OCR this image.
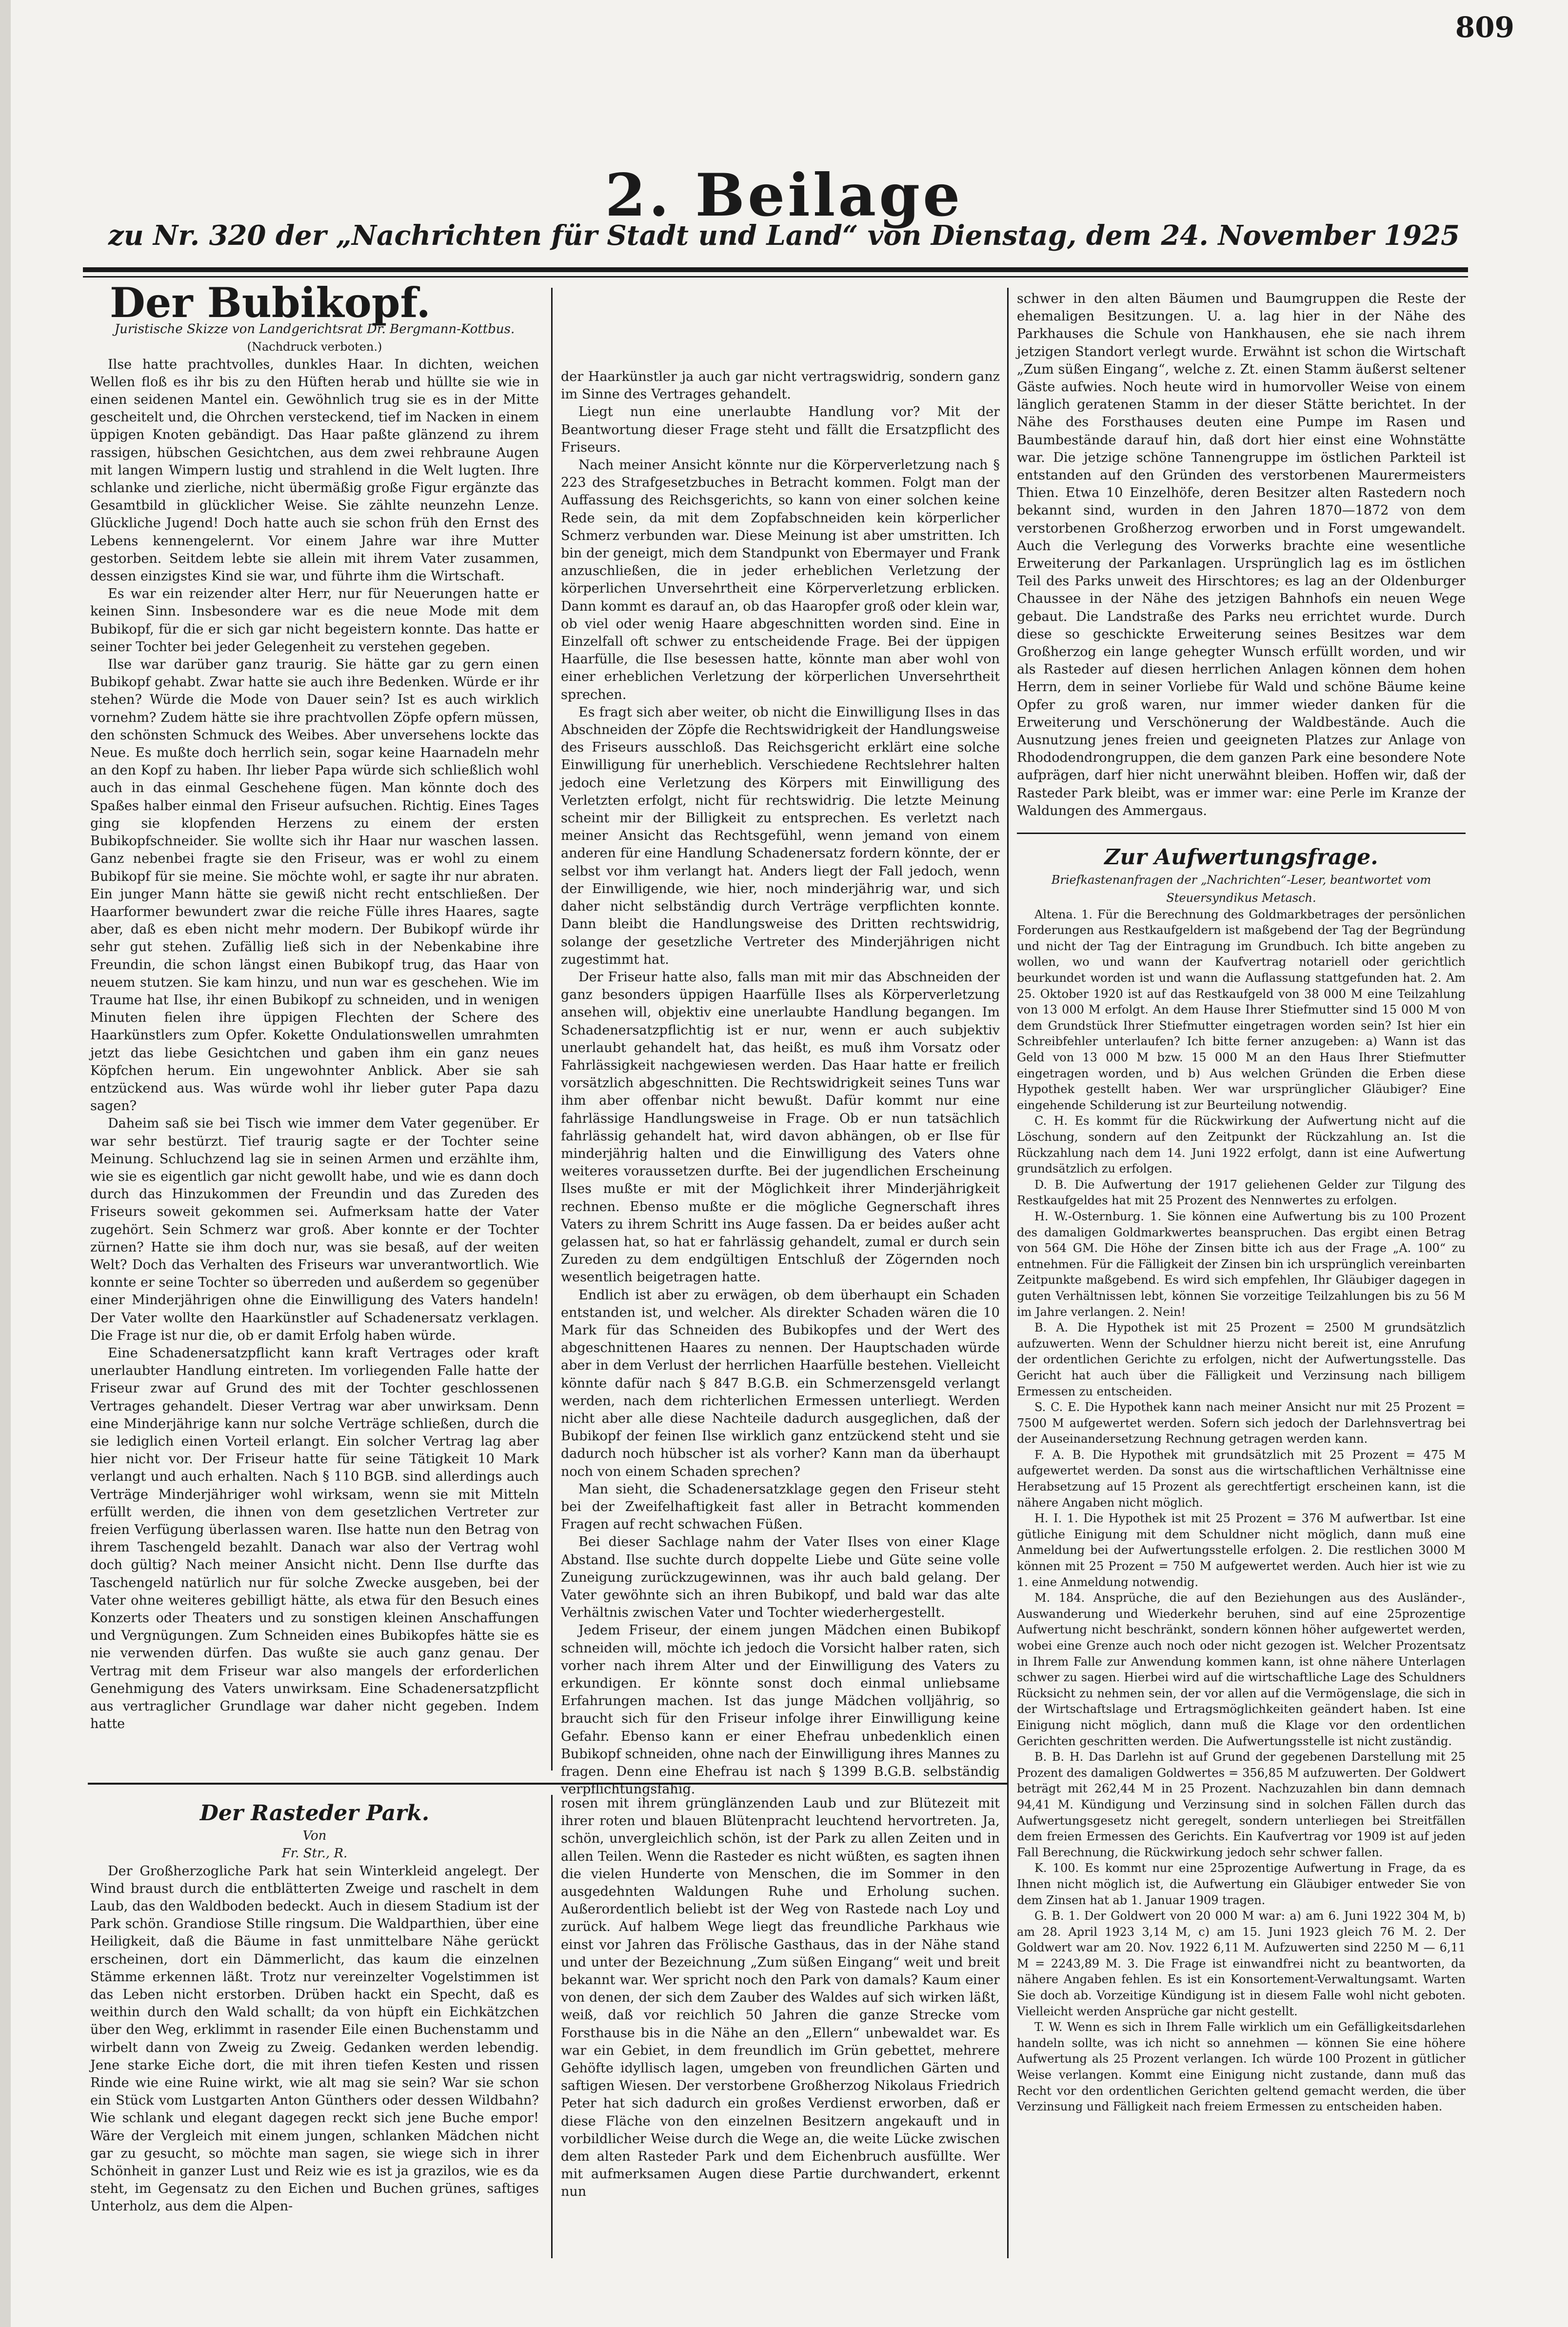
809
2. Beilage
zu Nr. 320 der „Nachrichten für Stadt und Land“ von Dienstag, dem 24. November 1925
Der Bubikopf.

Juristische Skizze von Landgerichtsrat Dr. Bergmann-Kottbus.

(Nachdruck verboten.)

Ilse hatte prachtvolles, dunkles Haar. In dichten, weichen Wellen floß es ihr bis zu den Hüften herab und hüllte sie wie in einen seidenen Mantel ein. Gewöhnlich trug sie es in der Mitte gescheitelt und, die Ohrchen versteckend, tief im Nacken in einem üppigen Knoten gebändigt. Das Haar paßte glänzend zu ihrem rassigen, hübschen Gesichtchen, aus dem zwei rehbraune Augen mit langen Wimpern lustig und strahlend in die Welt lugten. Ihre schlanke und zierliche, nicht übermäßig große Figur ergänzte das Gesamtbild in glücklicher Weise. Sie zählte neunzehn Lenze. Glückliche Jugend! Doch hatte auch sie schon früh den Ernst des Lebens kennengelernt. Vor einem Jahre war ihre Mutter gestorben. Seitdem lebte sie allein mit ihrem Vater zusammen, dessen einzigstes Kind sie war, und führte ihm die Wirtschaft.

Es war ein reizender alter Herr, nur für Neuerungen hatte er keinen Sinn. Insbesondere war es die neue Mode mit dem Bubikopf, für die er sich gar nicht begeistern konnte. Das hatte er seiner Tochter bei jeder Gelegenheit zu verstehen gegeben.

Ilse war darüber ganz traurig. Sie hätte gar zu gern einen Bubikopf gehabt. Zwar hatte sie auch ihre Bedenken. Würde er ihr stehen? Würde die Mode von Dauer sein? Ist es auch wirklich vornehm? Zudem hätte sie ihre prachtvollen Zöpfe opfern müssen, den schönsten Schmuck des Weibes. Aber unversehens lockte das Neue. Es mußte doch herrlich sein, sogar keine Haarnadeln mehr an den Kopf zu haben. Ihr lieber Papa würde sich schließlich wohl auch in das einmal Geschehene fügen. Man könnte doch des Spaßes halber einmal den Friseur aufsuchen. Richtig. Eines Tages ging sie klopfenden Herzens zu einem der ersten Bubikopfschneider. Sie wollte sich ihr Haar nur waschen lassen. Ganz nebenbei fragte sie den Friseur, was er wohl zu einem Bubikopf für sie meine. Sie möchte wohl, er sagte ihr nur abraten. Ein junger Mann hätte sie gewiß nicht recht entschließen. Der Haarformer bewundert zwar die reiche Fülle ihres Haares, sagte aber, daß es eben nicht mehr modern. Der Bubikopf würde ihr sehr gut stehen. Zufällig ließ sich in der Nebenkabine ihre Freundin, die schon längst einen Bubikopf trug, das Haar von neuem stutzen. Sie kam hinzu, und nun war es geschehen. Wie im Traume hat Ilse, ihr einen Bubikopf zu schneiden, und in wenigen Minuten fielen ihre üppigen Flechten der Schere des Haarkünstlers zum Opfer. Kokette Ondulationswellen umrahmten jetzt das liebe Gesichtchen und gaben ihm ein ganz neues Köpfchen herum. Ein ungewohnter Anblick. Aber sie sah entzückend aus. Was würde wohl ihr lieber guter Papa dazu sagen?

Daheim saß sie bei Tisch wie immer dem Vater gegenüber. Er war sehr bestürzt. Tief traurig sagte er der Tochter seine Meinung. Schluchzend lag sie in seinen Armen und erzählte ihm, wie sie es eigentlich gar nicht gewollt habe, und wie es dann doch durch das Hinzukommen der Freundin und das Zureden des Friseurs soweit gekommen sei. Aufmerksam hatte der Vater zugehört. Sein Schmerz war groß. Aber konnte er der Tochter zürnen? Hatte sie ihm doch nur, was sie besaß, auf der weiten Welt? Doch das Verhalten des Friseurs war unverantwortlich. Wie konnte er seine Tochter so überreden und außerdem so gegenüber einer Minderjährigen ohne die Einwilligung des Vaters handeln! Der Vater wollte den Haarkünstler auf Schadenersatz verklagen. Die Frage ist nur die, ob er damit Erfolg haben würde.

Eine Schadenersatzpflicht kann kraft Vertrages oder kraft unerlaubter Handlung eintreten. Im vorliegenden Falle hatte der Friseur zwar auf Grund des mit der Tochter geschlossenen Vertrages gehandelt. Dieser Vertrag war aber unwirksam. Denn eine Minderjährige kann nur solche Verträge schließen, durch die sie lediglich einen Vorteil erlangt. Ein solcher Vertrag lag aber hier nicht vor. Der Friseur hatte für seine Tätigkeit 10 Mark verlangt und auch erhalten. Nach § 110 BGB. sind allerdings auch Verträge Minderjähriger wohl wirksam, wenn sie mit Mitteln erfüllt werden, die ihnen von dem gesetzlichen Vertreter zur freien Verfügung überlassen waren. Ilse hatte nun den Betrag von ihrem Taschengeld bezahlt. Danach war also der Vertrag wohl doch gültig? Nach meiner Ansicht nicht. Denn Ilse durfte das Taschengeld natürlich nur für solche Zwecke ausgeben, bei der Vater ohne weiteres gebilligt hätte, als etwa für den Besuch eines Konzerts oder Theaters und zu sonstigen kleinen Anschaffungen und Vergnügungen. Zum Schneiden eines Bubikopfes hätte sie es nie verwenden dürfen. Das wußte sie auch ganz genau. Der Vertrag mit dem Friseur war also mangels der erforderlichen Genehmigung des Vaters unwirksam. Eine Schadenersatzpflicht aus vertraglicher Grundlage war daher nicht gegeben. Indem hatte

der Haarkünstler ja auch gar nicht vertragswidrig, sondern ganz im Sinne des Vertrages gehandelt.

Liegt nun eine unerlaubte Handlung vor? Mit der Beantwortung dieser Frage steht und fällt die Ersatzpflicht des Friseurs.

Nach meiner Ansicht könnte nur die Körperverletzung nach § 223 des Strafgesetzbuches in Betracht kommen. Folgt man der Auffassung des Reichsgerichts, so kann von einer solchen keine Rede sein, da mit dem Zopfabschneiden kein körperlicher Schmerz verbunden war. Diese Meinung ist aber umstritten. Ich bin der geneigt, mich dem Standpunkt von Ebermayer und Frank anzuschließen, die in jeder erheblichen Verletzung der körperlichen Unversehrtheit eine Körperverletzung erblicken. Dann kommt es darauf an, ob das Haaropfer groß oder klein war, ob viel oder wenig Haare abgeschnitten worden sind. Eine in Einzelfall oft schwer zu entscheidende Frage. Bei der üppigen Haarfülle, die Ilse besessen hatte, könnte man aber wohl von einer erheblichen Verletzung der körperlichen Unversehrtheit sprechen.

Es fragt sich aber weiter, ob nicht die Einwilligung Ilses in das Abschneiden der Zöpfe die Rechtswidrigkeit der Handlungsweise des Friseurs ausschloß. Das Reichsgericht erklärt eine solche Einwilligung für unerheblich. Verschiedene Rechtslehrer halten jedoch eine Verletzung des Körpers mit Einwilligung des Verletzten erfolgt, nicht für rechtswidrig. Die letzte Meinung scheint mir der Billigkeit zu entsprechen. Es verletzt nach meiner Ansicht das Rechtsgefühl, wenn jemand von einem anderen für eine Handlung Schadenersatz fordern könnte, der er selbst vor ihm verlangt hat. Anders liegt der Fall jedoch, wenn der Einwilligende, wie hier, noch minderjährig war, und sich daher nicht selbständig durch Verträge verpflichten konnte. Dann bleibt die Handlungsweise des Dritten rechtswidrig, solange der gesetzliche Vertreter des Minderjährigen nicht zugestimmt hat.

Der Friseur hatte also, falls man mit mir das Abschneiden der ganz besonders üppigen Haarfülle Ilses als Körperverletzung ansehen will, objektiv eine unerlaubte Handlung begangen. Im Schadenersatzpflichtig ist er nur, wenn er auch subjektiv unerlaubt gehandelt hat, das heißt, es muß ihm Vorsatz oder Fahrlässigkeit nachgewiesen werden. Das Haar hatte er freilich vorsätzlich abgeschnitten. Die Rechtswidrigkeit seines Tuns war ihm aber offenbar nicht bewußt. Dafür kommt nur eine fahrlässige Handlungsweise in Frage. Ob er nun tatsächlich fahrlässig gehandelt hat, wird davon abhängen, ob er Ilse für minderjährig halten und die Einwilligung des Vaters ohne weiteres voraussetzen durfte. Bei der jugendlichen Erscheinung Ilses mußte er mit der Möglichkeit ihrer Minderjährigkeit rechnen. Ebenso mußte er die mögliche Gegnerschaft ihres Vaters zu ihrem Schritt ins Auge fassen. Da er beides außer acht gelassen hat, so hat er fahrlässig gehandelt, zumal er durch sein Zureden zu dem endgültigen Entschluß der Zögernden noch wesentlich beigetragen hatte.

Endlich ist aber zu erwägen, ob dem überhaupt ein Schaden entstanden ist, und welcher. Als direkter Schaden wären die 10 Mark für das Schneiden des Bubikopfes und der Wert des abgeschnittenen Haares zu nennen. Der Hauptschaden würde aber in dem Verlust der herrlichen Haarfülle bestehen. Vielleicht könnte dafür nach § 847 B.G.B. ein Schmerzensgeld verlangt werden, nach dem richterlichen Ermessen unterliegt. Werden nicht aber alle diese Nachteile dadurch ausgeglichen, daß der Bubikopf der feinen Ilse wirklich ganz entzückend steht und sie dadurch noch hübscher ist als vorher? Kann man da überhaupt noch von einem Schaden sprechen?

Man sieht, die Schadenersatzklage gegen den Friseur steht bei der Zweifelhaftigkeit fast aller in Betracht kommenden Fragen auf recht schwachen Füßen.

Bei dieser Sachlage nahm der Vater Ilses von einer Klage Abstand. Ilse suchte durch doppelte Liebe und Güte seine volle Zuneigung zurückzugewinnen, was ihr auch bald gelang. Der Vater gewöhnte sich an ihren Bubikopf, und bald war das alte Verhältnis zwischen Vater und Tochter wiederhergestellt.

Jedem Friseur, der einem jungen Mädchen einen Bubikopf schneiden will, möchte ich jedoch die Vorsicht halber raten, sich vorher nach ihrem Alter und der Einwilligung des Vaters zu erkundigen. Er könnte sonst doch einmal unliebsame Erfahrungen machen. Ist das junge Mädchen volljährig, so braucht sich für den Friseur infolge ihrer Einwilligung keine Gefahr. Ebenso kann er einer Ehefrau unbedenklich einen Bubikopf schneiden, ohne nach der Einwilligung ihres Mannes zu fragen. Denn eine Ehefrau ist nach § 1399 B.G.B. selbständig verpflichtungsfähig.

Der Rasteder Park.

Von

Fr. Str., R.

Der Großherzogliche Park hat sein Winterkleid angelegt. Der Wind braust durch die entblätterten Zweige und raschelt in dem Laub, das den Waldboden bedeckt. Auch in diesem Stadium ist der Park schön. Grandiose Stille ringsum. Die Waldparthien, über eine Heiligkeit, daß die Bäume in fast unmittelbare Nähe gerückt erscheinen, dort ein Dämmerlicht, das kaum die einzelnen Stämme erkennen läßt. Trotz nur vereinzelter Vogelstimmen ist das Leben nicht erstorben. Drüben hackt ein Specht, daß es weithin durch den Wald schallt; da von hüpft ein Eichkätzchen über den Weg, erklimmt in rasender Eile einen Buchenstamm und wirbelt dann von Zweig zu Zweig. Gedanken werden lebendig. Jene starke Eiche dort, die mit ihren tiefen Kesten und rissen Rinde wie eine Ruine wirkt, wie alt mag sie sein? War sie schon ein Stück vom Lustgarten Anton Günthers oder dessen Wildbahn? Wie schlank und elegant dagegen reckt sich jene Buche empor! Wäre der Vergleich mit einem jungen, schlanken Mädchen nicht gar zu gesucht, so möchte man sagen, sie wiege sich in ihrer Schönheit in ganzer Lust und Reiz wie es ist ja grazilos, wie es da steht, im Gegensatz zu den Eichen und Buchen grünes, saftiges Unterholz, aus dem die Alpen-

rosen mit ihrem grünglänzenden Laub und zur Blütezeit mit ihrer roten und blauen Blütenpracht leuchtend hervortreten. Ja, schön, unvergleichlich schön, ist der Park zu allen Zeiten und in allen Teilen. Wenn die Rasteder es nicht wüßten, es sagten ihnen die vielen Hunderte von Menschen, die im Sommer in den ausgedehnten Waldungen Ruhe und Erholung suchen. Außerordentlich beliebt ist der Weg von Rastede nach Loy und zurück. Auf halbem Wege liegt das freundliche Parkhaus wie einst vor Jahren das Frölische Gasthaus, das in der Nähe stand und unter der Bezeichnung „Zum süßen Eingang“ weit und breit bekannt war. Wer spricht noch den Park von damals? Kaum einer von denen, der sich dem Zauber des Waldes auf sich wirken läßt, weiß, daß vor reichlich 50 Jahren die ganze Strecke vom Forsthause bis in die Nähe an den „Ellern“ unbewaldet war. Es war ein Gebiet, in dem freundlich im Grün gebettet, mehrere Gehöfte idyllisch lagen, umgeben von freundlichen Gärten und saftigen Wiesen. Der verstorbene Großherzog Nikolaus Friedrich Peter hat sich dadurch ein großes Verdienst erworben, daß er diese Fläche von den einzelnen Besitzern angekauft und in vorbildlicher Weise durch die Wege an, die weite Lücke zwischen dem alten Rasteder Park und dem Eichenbruch ausfüllte. Wer mit aufmerksamen Augen diese Partie durchwandert, erkennt nun

schwer in den alten Bäumen und Baumgruppen die Reste der ehemaligen Besitzungen. U. a. lag hier in der Nähe des Parkhauses die Schule von Hankhausen, ehe sie nach ihrem jetzigen Standort verlegt wurde. Erwähnt ist schon die Wirtschaft „Zum süßen Eingang“, welche z. Zt. einen Stamm äußerst seltener Gäste aufwies. Noch heute wird in humorvoller Weise von einem länglich geratenen Stamm in der dieser Stätte berichtet. In der Nähe des Forsthauses deuten eine Pumpe im Rasen und Baumbestände darauf hin, daß dort hier einst eine Wohnstätte war. Die jetzige schöne Tannengruppe im östlichen Parkteil ist entstanden auf den Gründen des verstorbenen Maurermeisters Thien. Etwa 10 Einzelhöfe, deren Besitzer alten Rastedern noch bekannt sind, wurden in den Jahren 1870—1872 von dem verstorbenen Großherzog erworben und in Forst umgewandelt. Auch die Verlegung des Vorwerks brachte eine wesentliche Erweiterung der Parkanlagen. Ursprünglich lag es im östlichen Teil des Parks unweit des Hirschtores; es lag an der Oldenburger Chaussee in der Nähe des jetzigen Bahnhofs ein neuen Wege gebaut. Die Landstraße des Parks neu errichtet wurde. Durch diese so geschickte Erweiterung seines Besitzes war dem Großherzog ein lange gehegter Wunsch erfüllt worden, und wir als Rasteder auf diesen herrlichen Anlagen können dem hohen Herrn, dem in seiner Vorliebe für Wald und schöne Bäume keine Opfer zu groß waren, nur immer wieder danken für die Erweiterung und Verschönerung der Waldbestände. Auch die Ausnutzung jenes freien und geeigneten Platzes zur Anlage von Rhododendrongruppen, die dem ganzen Park eine besondere Note aufprägen, darf hier nicht unerwähnt bleiben. Hoffen wir, daß der Rasteder Park bleibt, was er immer war: eine Perle im Kranze der Waldungen des Ammergaus.

Zur Aufwertungsfrage.

Briefkastenanfragen der „Nachrichten“-Leser, beantwortet vom Steuersyndikus Metasch.

Altena. 1. Für die Berechnung des Goldmarkbetrages der persönlichen Forderungen aus Restkaufgeldern ist maßgebend der Tag der Begründung und nicht der Tag der Eintragung im Grundbuch. Ich bitte angeben zu wollen, wo und wann der Kaufvertrag notariell oder gerichtlich beurkundet worden ist und wann die Auflassung stattgefunden hat. 2. Am 25. Oktober 1920 ist auf das Restkaufgeld von 38 000 M eine Teilzahlung von 13 000 M erfolgt. An dem Hause Ihrer Stiefmutter sind 15 000 M von dem Grundstück Ihrer Stiefmutter eingetragen worden sein? Ist hier ein Schreibfehler unterlaufen? Ich bitte ferner anzugeben: a) Wann ist das Geld von 13 000 M bzw. 15 000 M an den Haus Ihrer Stiefmutter eingetragen worden, und b) Aus welchen Gründen die Erben diese Hypothek gestellt haben. Wer war ursprünglicher Gläubiger? Eine eingehende Schilderung ist zur Beurteilung notwendig.

C. H. Es kommt für die Rückwirkung der Aufwertung nicht auf die Löschung, sondern auf den Zeitpunkt der Rückzahlung an. Ist die Rückzahlung nach dem 14. Juni 1922 erfolgt, dann ist eine Aufwertung grundsätzlich zu erfolgen.

D. B. Die Aufwertung der 1917 geliehenen Gelder zur Tilgung des Restkaufgeldes hat mit 25 Prozent des Nennwertes zu erfolgen.

H. W.-Osternburg. 1. Sie können eine Aufwertung bis zu 100 Prozent des damaligen Goldmarkwertes beanspruchen. Das ergibt einen Betrag von 564 GM. Die Höhe der Zinsen bitte ich aus der Frage „A. 100“ zu entnehmen. Für die Fälligkeit der Zinsen bin ich ursprünglich vereinbarten Zeitpunkte maßgebend. Es wird sich empfehlen, Ihr Gläubiger dagegen in guten Verhältnissen lebt, können Sie vorzeitige Teilzahlungen bis zu 56 M im Jahre verlangen. 2. Nein!

B. A. Die Hypothek ist mit 25 Prozent = 2500 M grundsätzlich aufzuwerten. Wenn der Schuldner hierzu nicht bereit ist, eine Anrufung der ordentlichen Gerichte zu erfolgen, nicht der Aufwertungsstelle. Das Gericht hat auch über die Fälligkeit und Verzinsung nach billigem Ermessen zu entscheiden.

S. C. E. Die Hypothek kann nach meiner Ansicht nur mit 25 Prozent = 7500 M aufgewertet werden. Sofern sich jedoch der Darlehnsvertrag bei der Auseinandersetzung Rechnung getragen werden kann.

F. A. B. Die Hypothek mit grundsätzlich mit 25 Prozent = 475 M aufgewertet werden. Da sonst aus die wirtschaftlichen Verhältnisse eine Herabsetzung auf 15 Prozent als gerechtfertigt erscheinen kann, ist die nähere Angaben nicht möglich.

H. I. 1. Die Hypothek ist mit 25 Prozent = 376 M aufwertbar. Ist eine gütliche Einigung mit dem Schuldner nicht möglich, dann muß eine Anmeldung bei der Aufwertungsstelle erfolgen. 2. Die restlichen 3000 M können mit 25 Prozent = 750 M aufgewertet werden. Auch hier ist wie zu 1. eine Anmeldung notwendig.

M. 184. Ansprüche, die auf den Beziehungen aus des Ausländer-, Auswanderung und Wiederkehr beruhen, sind auf eine 25prozentige Aufwertung nicht beschränkt, sondern können höher aufgewertet werden, wobei eine Grenze auch noch oder nicht gezogen ist. Welcher Prozentsatz in Ihrem Falle zur Anwendung kommen kann, ist ohne nähere Unterlagen schwer zu sagen. Hierbei wird auf die wirtschaftliche Lage des Schuldners Rücksicht zu nehmen sein, der vor allen auf die Vermögenslage, die sich in der Wirtschaftslage und Ertragsmöglichkeiten geändert haben. Ist eine Einigung nicht möglich, dann muß die Klage vor den ordentlichen Gerichten geschritten werden. Die Aufwertungsstelle ist nicht zuständig.

B. B. H. Das Darlehn ist auf Grund der gegebenen Darstellung mit 25 Prozent des damaligen Goldwertes = 356,85 M aufzuwerten. Der Goldwert beträgt mit 262,44 M in 25 Prozent. Nachzuzahlen bin dann demnach 94,41 M. Kündigung und Verzinsung sind in solchen Fällen durch das Aufwertungsgesetz nicht geregelt, sondern unterliegen bei Streitfällen dem freien Ermessen des Gerichts. Ein Kaufvertrag vor 1909 ist auf jeden Fall Berechnung, die Rückwirkung jedoch sehr schwer fallen.

K. 100. Es kommt nur eine 25prozentige Aufwertung in Frage, da es Ihnen nicht möglich ist, die Aufwertung ein Gläubiger entweder Sie von dem Zinsen hat ab 1. Januar 1909 tragen.

G. B. 1. Der Goldwert von 20 000 M war: a) am 6. Juni 1922 304 M, b) am 28. April 1923 3,14 M, c) am 15. Juni 1923 gleich 76 M. 2. Der Goldwert war am 20. Nov. 1922 6,11 M. Aufzuwerten sind 2250 M — 6,11 M = 2243,89 M. 3. Die Frage ist einwandfrei nicht zu beantworten, da nähere Angaben fehlen. Es ist ein Konsortement-Verwaltungsamt. Warten Sie doch ab. Vorzeitige Kündigung ist in diesem Falle wohl nicht geboten. Vielleicht werden Ansprüche gar nicht gestellt.

T. W. Wenn es sich in Ihrem Falle wirklich um ein Gefälligkeitsdarlehen handeln sollte, was ich nicht so annehmen — können Sie eine höhere Aufwertung als 25 Prozent verlangen. Ich würde 100 Prozent in gütlicher Weise verlangen. Kommt eine Einigung nicht zustande, dann muß das Recht vor den ordentlichen Gerichten geltend gemacht werden, die über Verzinsung und Fälligkeit nach freiem Ermessen zu entscheiden haben.
